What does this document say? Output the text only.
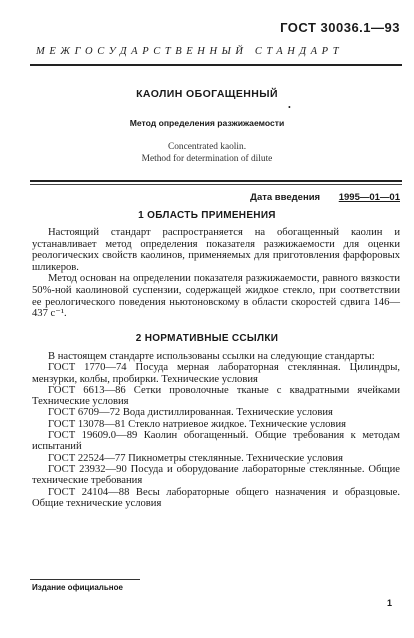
ГОСТ 30036.1—93
МЕЖГОСУДАРСТВЕННЫЙ СТАНДАРТ
КАОЛИН ОБОГАЩЕННЫЙ
•
Метод определения разжижаемости
Concentrated kaolin.
Method for determination of dilute
Дата введения 1995—01—01
1 ОБЛАСТЬ ПРИМЕНЕНИЯ

Настоящий стандарт распространяется на обогащенный каолин и устанавливает метод определения показателя разжижаемости для оценки реологических свойств каолинов, применяемых для приготовления фарфоровых шликеров.

Метод основан на определении показателя разжижаемости, равного вязкости 50%-ной каолиновой суспензии, содержащей жидкое стекло, при соответствии ее реологического поведения ньютоновскому в области скоростей сдвига 146—437 с⁻¹.

2 НОРМАТИВНЫЕ ССЫЛКИ

В настоящем стандарте использованы ссылки на следующие стандарты:

ГОСТ 1770—74 Посуда мерная лабораторная стеклянная. Цилиндры, мензурки, колбы, пробирки. Технические условия

ГОСТ 6613—86 Сетки проволочные тканые с квадратными ячейками Технические условия

ГОСТ 6709—72 Вода дистиллированная. Технические условия

ГОСТ 13078—81 Стекло натриевое жидкое. Технические условия

ГОСТ 19609.0—89 Каолин обогащенный. Общие требования к методам испытаний

ГОСТ 22524—77 Пикнометры стеклянные. Технические условия

ГОСТ 23932—90 Посуда и оборудование лабораторные стеклянные. Общие технические требования

ГОСТ 24104—88 Весы лабораторные общего назначения и образцовые. Общие технические условия

Издание официальное
1
